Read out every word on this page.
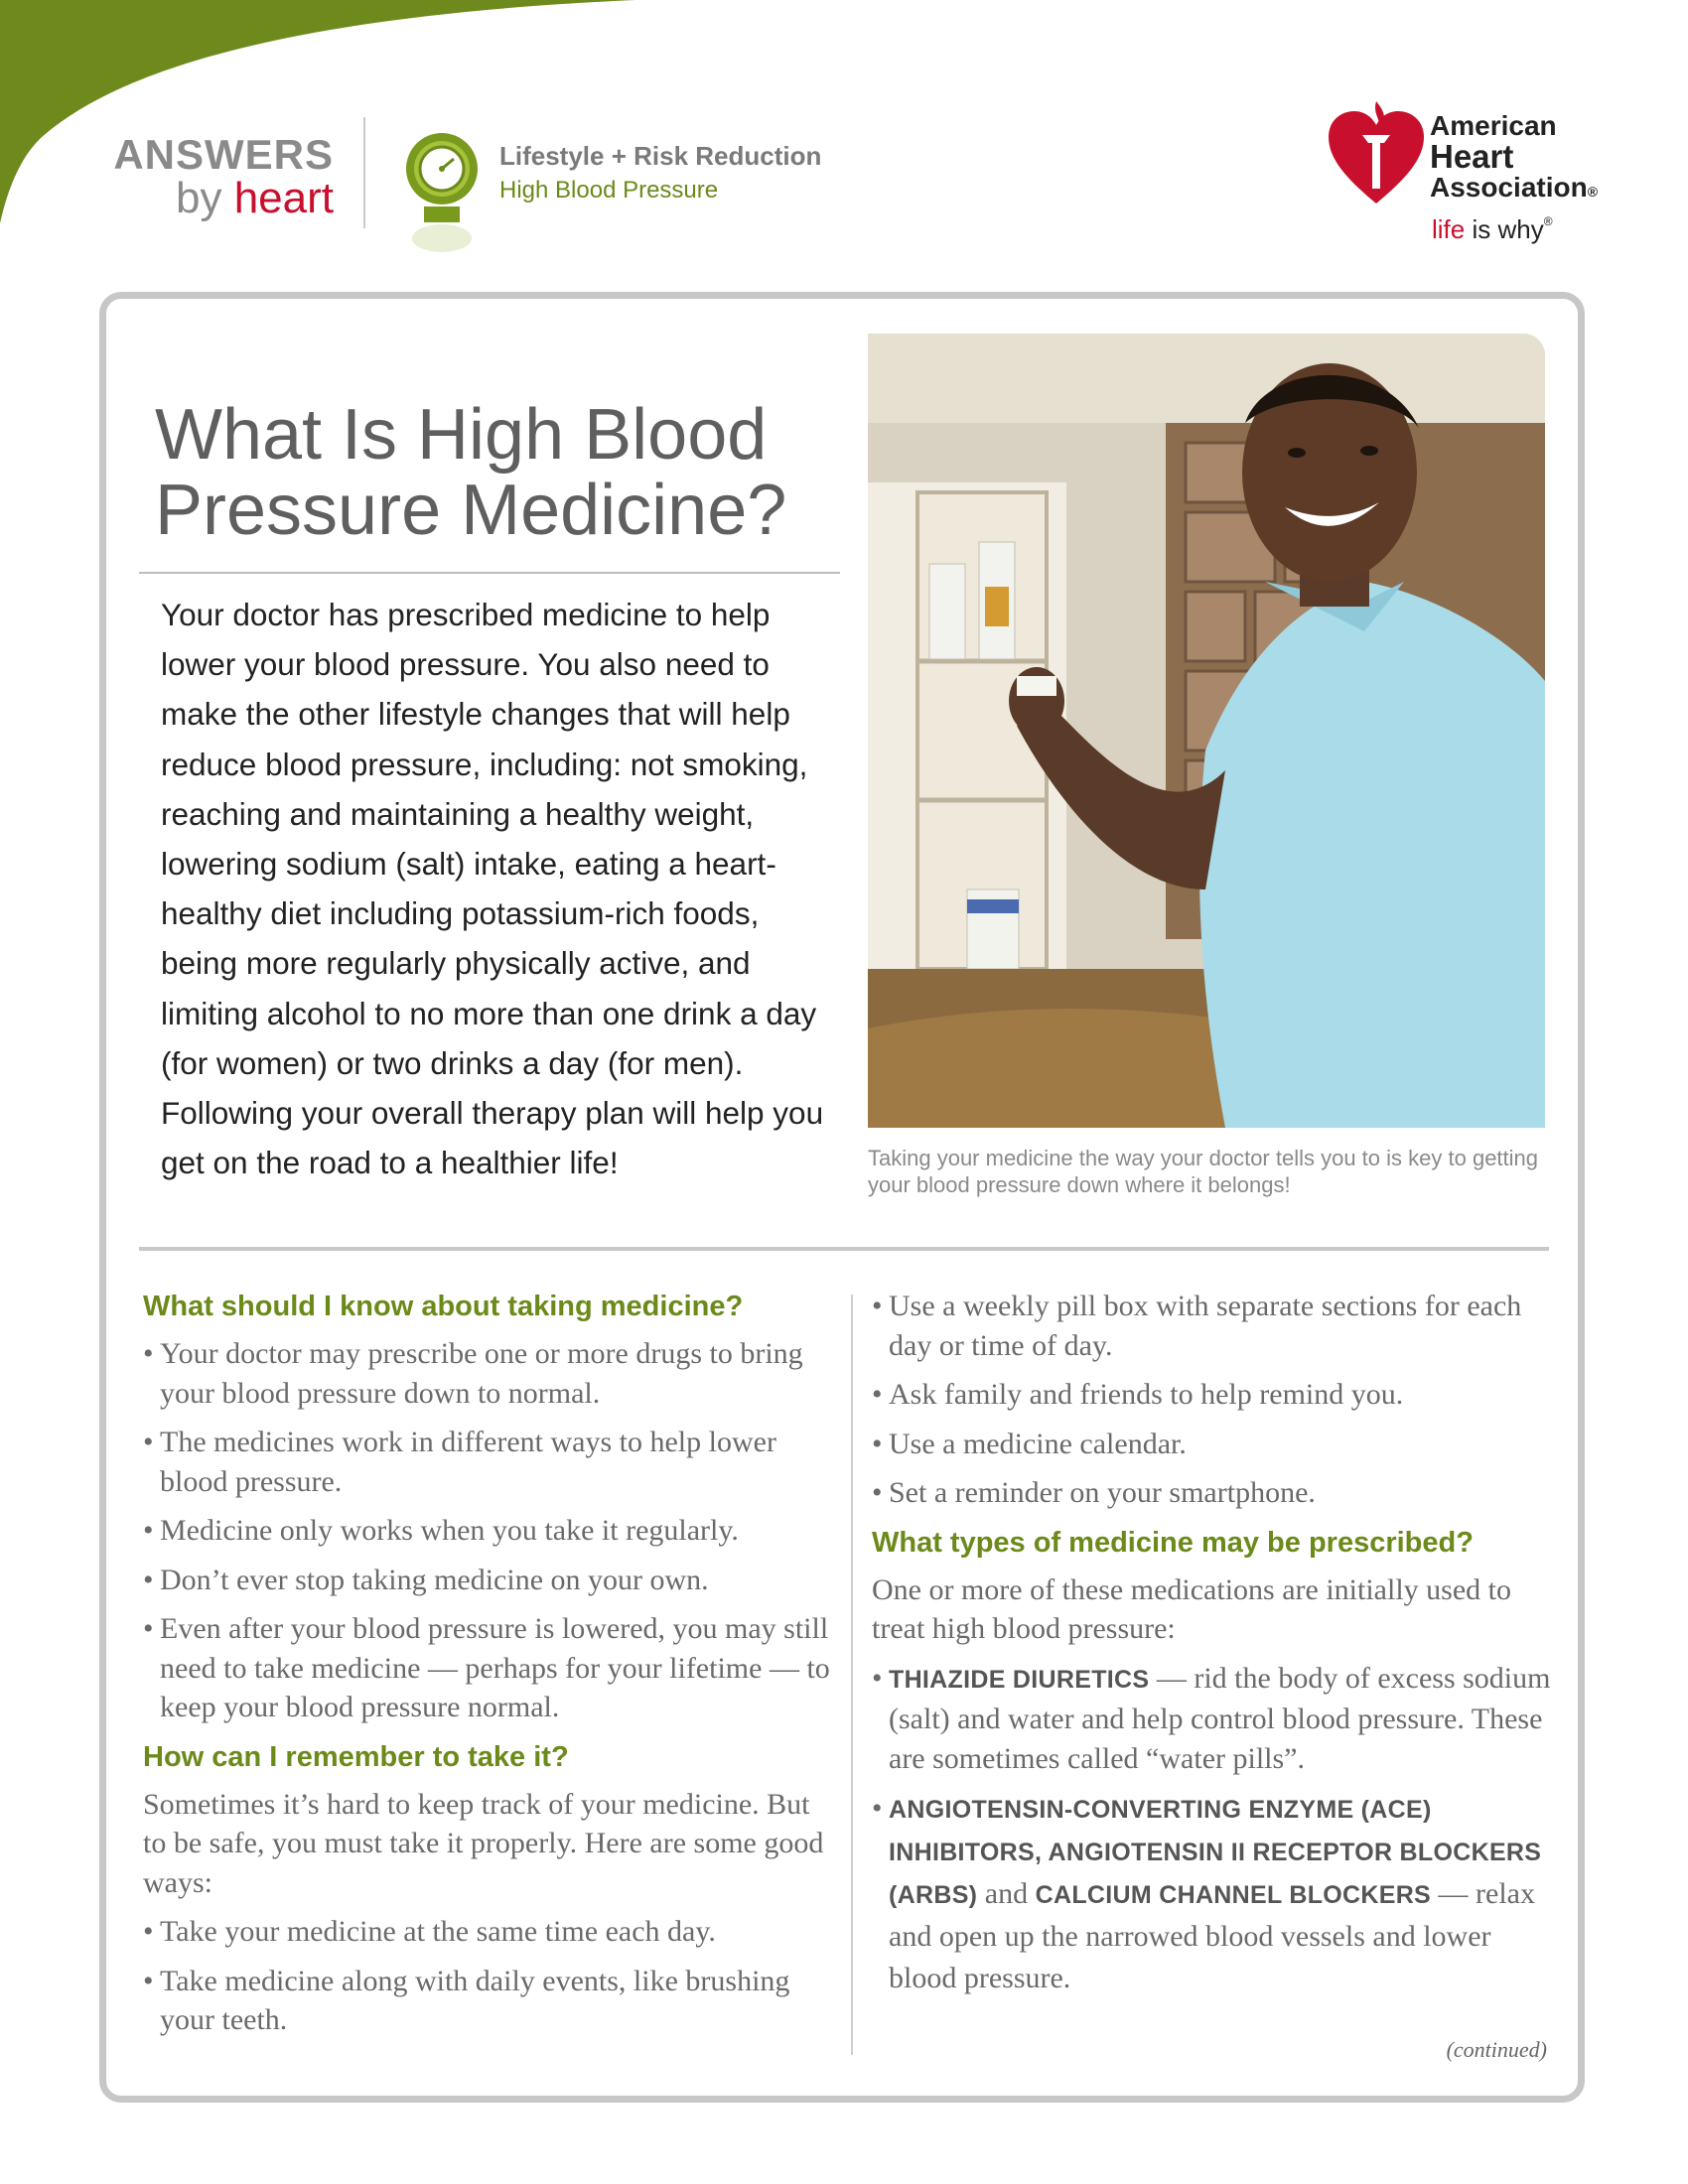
ANSWERS
by heart
Lifestyle + Risk Reduction
High Blood Pressure
American
Heart
Association®
life is why®
What Is High Blood Pressure Medicine?

Your doctor has prescribed medicine to help lower your blood pressure. You also need to make the other lifestyle changes that will help reduce blood pressure, including: not smoking, reaching and maintaining a healthy weight, lowering sodium (salt) intake, eating a heart-healthy diet including potassium-rich foods, being more regularly physically active, and limiting alcohol to no more than one drink a day (for women) or two drinks a day (for men). Following your overall therapy plan will help you get on the road to a healthier life!	Taking your medicine the way your doctor tells you to is key to getting your blood pressure down where it belongs!
What should I know about taking medicine?
• Your doctor may prescribe one or more drugs to bring your blood pressure down to normal.
• The medicines work in different ways to help lower blood pressure.
• Medicine only works when you take it regularly.
• Don’t ever stop taking medicine on your own.
• Even after your blood pressure is lowered, you may still need to take medicine — perhaps for your lifetime — to keep your blood pressure normal.
How can I remember to take it?

Sometimes it’s hard to keep track of your medicine. But to be safe, you must take it properly. Here are some good ways:

• Take your medicine at the same time each day.
• Take medicine along with daily events, like brushing your teeth.
• Use a weekly pill box with separate sections for each day or time of day.
• Ask family and friends to help remind you.
• Use a medicine calendar.
• Set a reminder on your smartphone.
What types of medicine may be prescribed?

One or more of these medications are initially used to treat high blood pressure:

• THIAZIDE DIURETICS — rid the body of excess sodium (salt) and water and help control blood pressure. These are sometimes called “water pills”.
• ANGIOTENSIN-CONVERTING ENZYME (ACE) INHIBITORS, ANGIOTENSIN II RECEPTOR BLOCKERS (ARBS) and CALCIUM CHANNEL BLOCKERS — relax and open up the narrowed blood vessels and lower blood pressure.
(continued)
